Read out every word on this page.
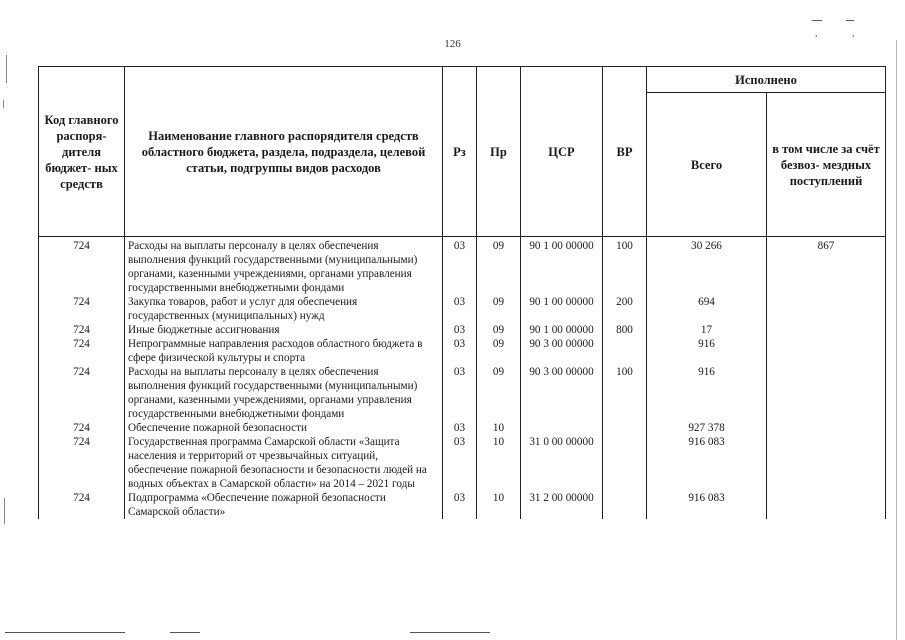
126
,	,
Код главного распоря- дителя бюджет- ных средств	Наименование главного распорядителя средств областного бюджета, раздела, подраздела, целевой статьи, подгруппы видов расходов	Рз	Пр	ЦСР	ВР	Исполнено	
						Всего	в том числе за счёт безвоз- мездных поступлений
724	Расходы на выплаты персоналу в целях обеспечения выполнения функций государственными (муниципальными) органами, казенными учреждениями, органами управления государственными внебюджетными фондами	03	09	90 1 00 00000	100	30 266	867
724	Закупка товаров, работ и услуг для обеспечения государственных (муниципальных) нужд	03	09	90 1 00 00000	200	694	
724	Иные бюджетные ассигнования	03	09	90 1 00 00000	800	17	
724	Непрограммные направления расходов областного бюджета в сфере физической культуры и спорта	03	09	90 3 00 00000		916	
724	Расходы на выплаты персоналу в целях обеспечения выполнения функций государственными (муниципальными) органами, казенными учреждениями, органами управления государственными внебюджетными фондами	03	09	90 3 00 00000	100	916	
724	Обеспечение пожарной безопасности	03	10			927 378	
724	Государственная программа Самарской области «Защита населения и территорий от чрезвычайных ситуаций, обеспечение пожарной безопасности и безопасности людей на водных объектах в Самарской области» на 2014 – 2021 годы	03	10	31 0 00 00000		916 083	
724	Подпрограмма «Обеспечение пожарной безопасности Самарской области»	03	10	31 2 00 00000		916 083	
